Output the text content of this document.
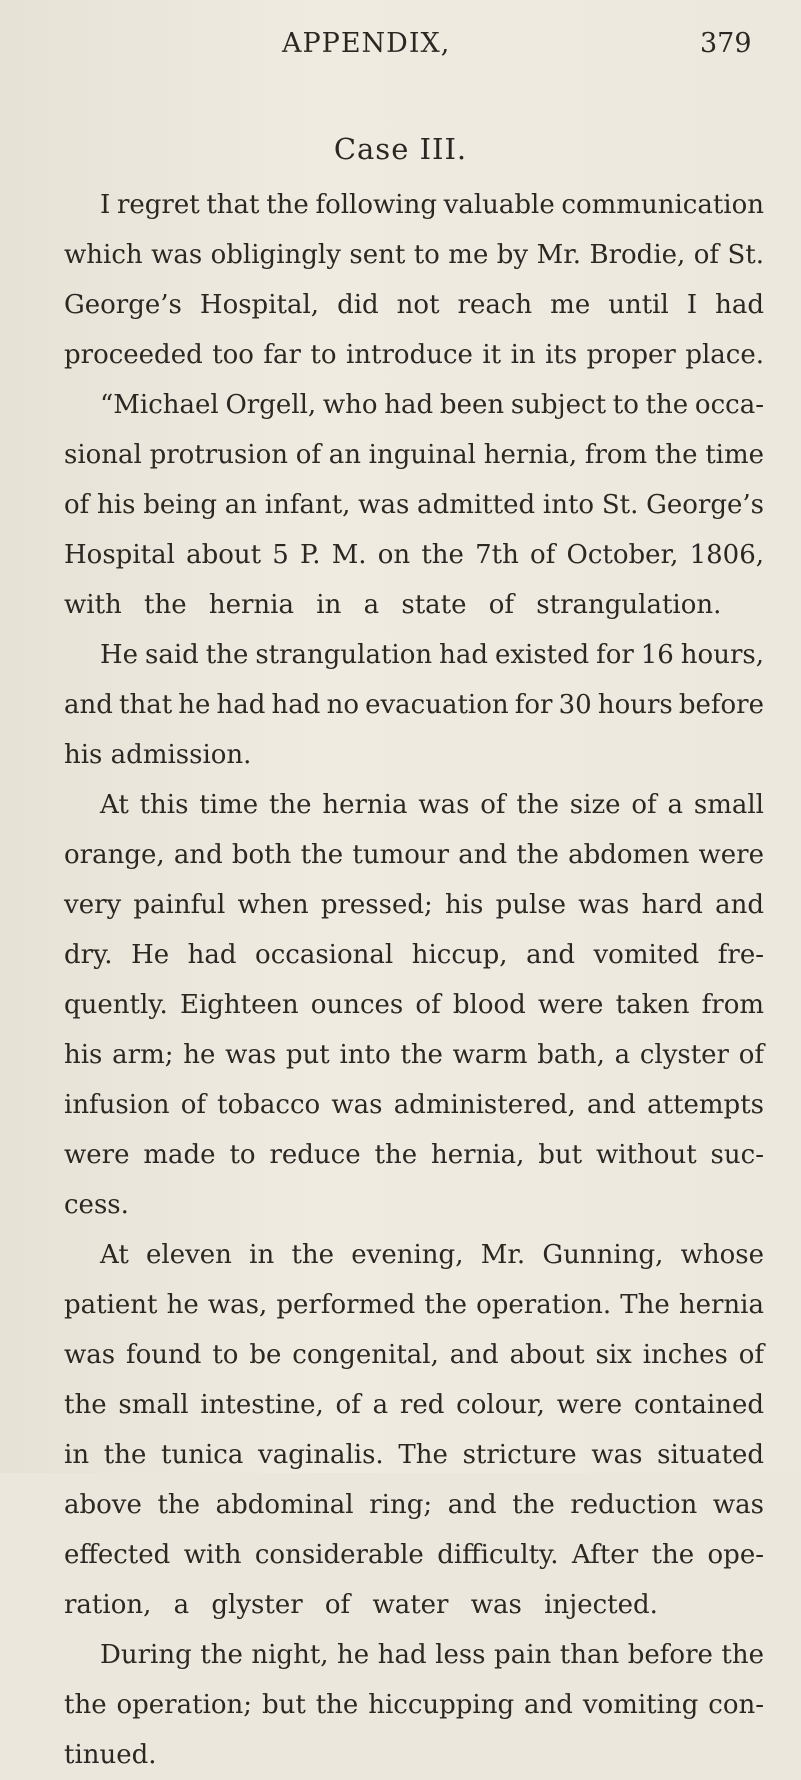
APPENDIX,	379
Case III.
I regret that the following valuable communication
which was obligingly sent to me by Mr. Brodie, of St.
George’s Hospital, did not reach me until I had
proceeded too far to introduce it in its proper place.
“Michael Orgell, who had been subject to the occa-
sional protrusion of an inguinal hernia, from the time
of his being an infant, was admitted into St. George’s
Hospital about 5 P. M. on the 7th of October, 1806,
with the hernia in a state of strangulation.
He said the strangulation had existed for 16 hours,
and that he had had no evacuation for 30 hours before
his admission.
At this time the hernia was of the size of a small
orange, and both the tumour and the abdomen were
very painful when pressed; his pulse was hard and
dry. He had occasional hiccup, and vomited fre-
quently. Eighteen ounces of blood were taken from
his arm; he was put into the warm bath, a clyster of
infusion of tobacco was administered, and attempts
were made to reduce the hernia, but without suc-
cess.
At eleven in the evening, Mr. Gunning, whose
patient he was, performed the operation. The hernia
was found to be congenital, and about six inches of
the small intestine, of a red colour, were contained
in the tunica vaginalis. The stricture was situated
above the abdominal ring; and the reduction was
effected with considerable difficulty. After the ope-
ration, a glyster of water was injected.
During the night, he had less pain than before the
the operation; but the hiccupping and vomiting con-
tinued.
